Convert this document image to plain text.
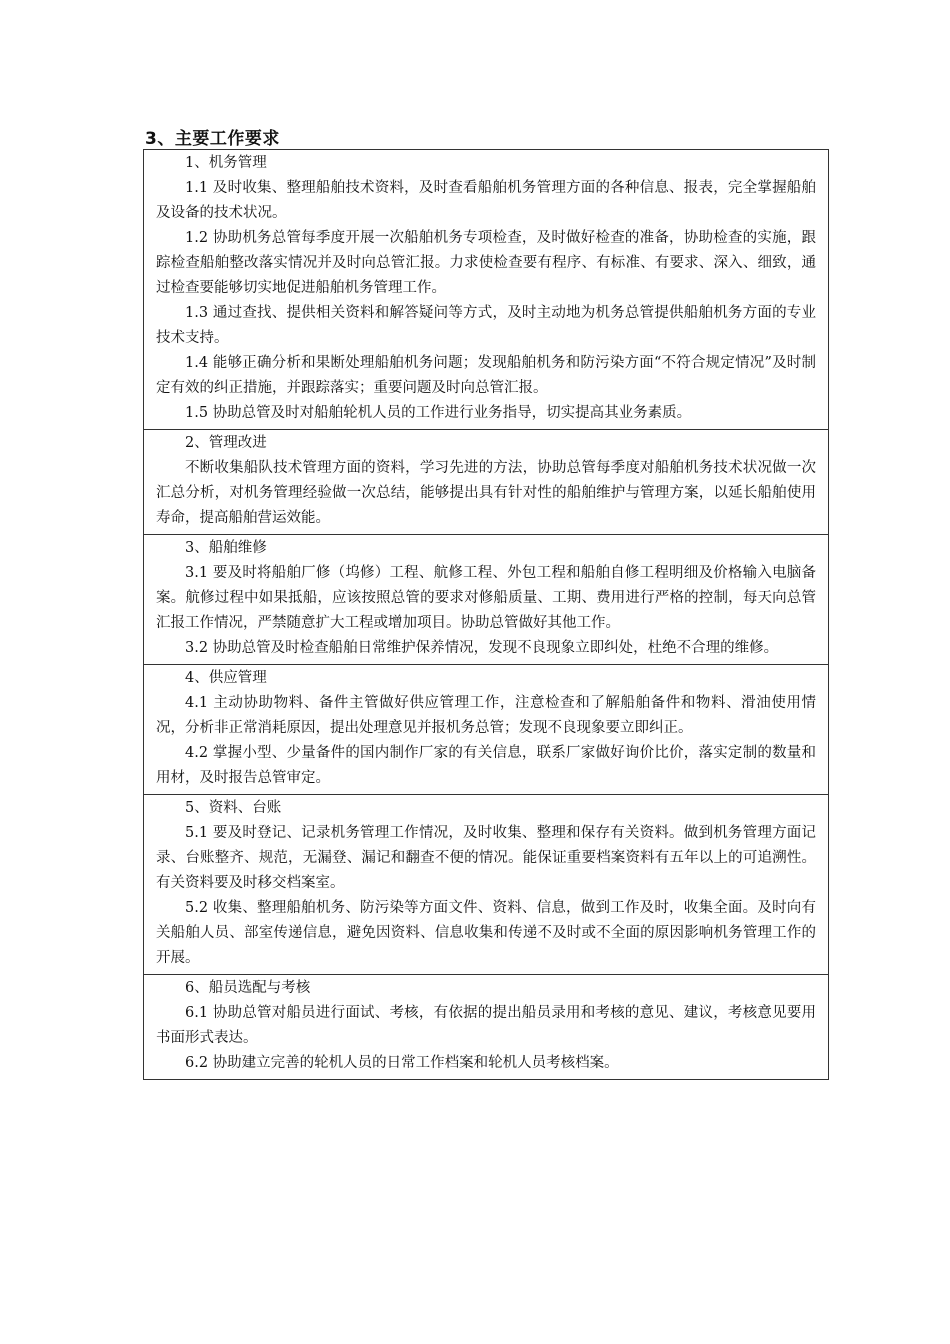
3、主要工作要求

1、机务管理

1.1 及时收集、整理船舶技术资料，及时查看船舶机务管理方面的各种信息、报表，完全掌握船舶及设备的技术状况。

1.2 协助机务总管每季度开展一次船舶机务专项检查，及时做好检查的准备，协助检查的实施，跟踪检查船舶整改落实情况并及时向总管汇报。力求使检查要有程序、有标准、有要求、深入、细致，通过检查要能够切实地促进船舶机务管理工作。

1.3 通过查找、提供相关资料和解答疑问等方式，及时主动地为机务总管提供船舶机务方面的专业技术支持。

1.4 能够正确分析和果断处理船舶机务问题；发现船舶机务和防污染方面“不符合规定情况”及时制定有效的纠正措施，并跟踪落实；重要问题及时向总管汇报。

1.5 协助总管及时对船舶轮机人员的工作进行业务指导，切实提高其业务素质。

2、管理改进

不断收集船队技术管理方面的资料，学习先进的方法，协助总管每季度对船舶机务技术状况做一次汇总分析，对机务管理经验做一次总结，能够提出具有针对性的船舶维护与管理方案，以延长船舶使用寿命，提高船舶营运效能。

3、船舶维修

3.1 要及时将船舶厂修（坞修）工程、航修工程、外包工程和船舶自修工程明细及价格输入电脑备案。航修过程中如果抵船，应该按照总管的要求对修船质量、工期、费用进行严格的控制，每天向总管汇报工作情况，严禁随意扩大工程或增加项目。协助总管做好其他工作。

3.2 协助总管及时检查船舶日常维护保养情况，发现不良现象立即纠处，杜绝不合理的维修。

4、供应管理

4.1 主动协助物料、备件主管做好供应管理工作，注意检查和了解船舶备件和物料、滑油使用情况，分析非正常消耗原因，提出处理意见并报机务总管；发现不良现象要立即纠正。

4.2 掌握小型、少量备件的国内制作厂家的有关信息，联系厂家做好询价比价，落实定制的数量和用材，及时报告总管审定。

5、资料、台账

5.1 要及时登记、记录机务管理工作情况，及时收集、整理和保存有关资料。做到机务管理方面记录、台账整齐、规范，无漏登、漏记和翻查不便的情况。能保证重要档案资料有五年以上的可追溯性。有关资料要及时移交档案室。

5.2 收集、整理船舶机务、防污染等方面文件、资料、信息，做到工作及时，收集全面。及时向有关船舶人员、部室传递信息，避免因资料、信息收集和传递不及时或不全面的原因影响机务管理工作的开展。

6、船员选配与考核

6.1 协助总管对船员进行面试、考核，有依据的提出船员录用和考核的意见、建议，考核意见要用书面形式表达。

6.2 协助建立完善的轮机人员的日常工作档案和轮机人员考核档案。
